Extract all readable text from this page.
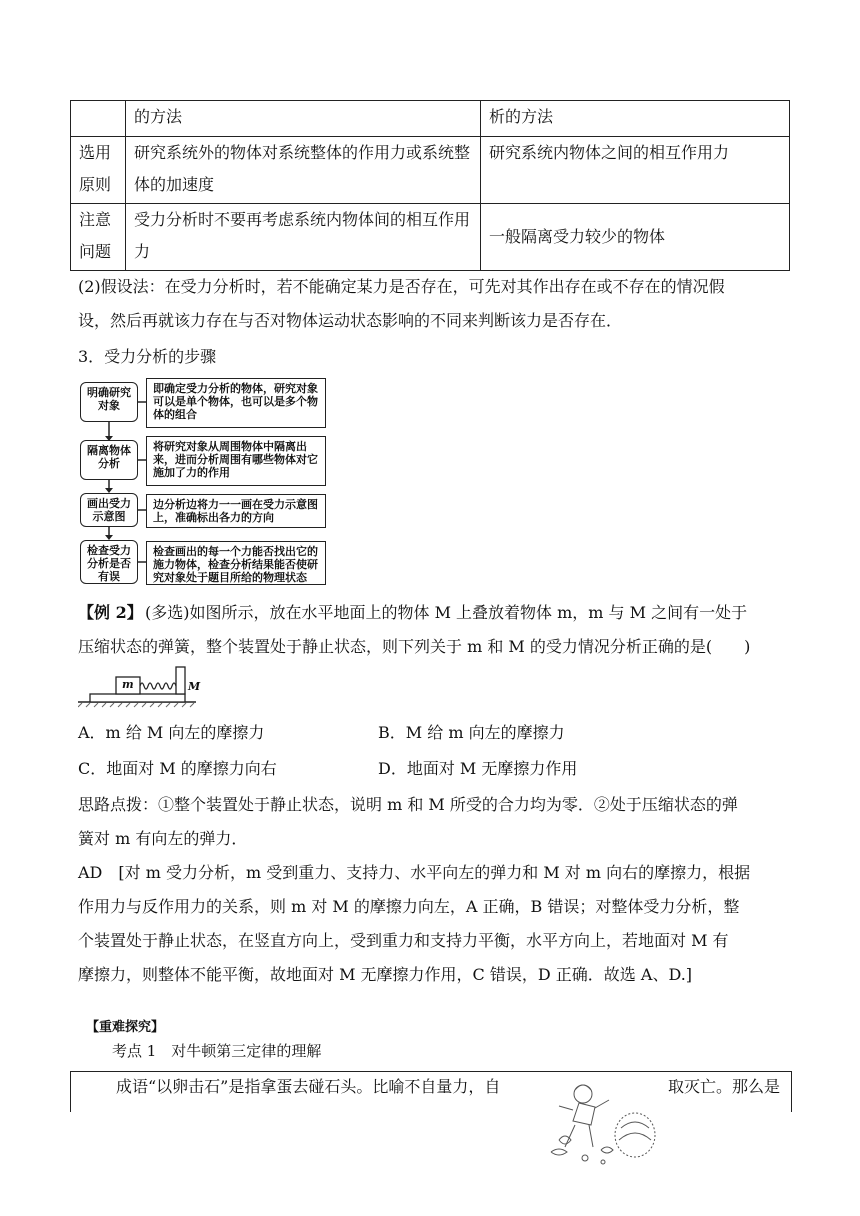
	的方法	析的方法
选用原则	研究系统外的物体对系统整体的作用力或系统整体的加速度	研究系统内物体之间的相互作用力
注意问题	受力分析时不要再考虑系统内物体间的相互作用力	一般隔离受力较少的物体
(2)假设法：在受力分析时，若不能确定某力是否存在，可先对其作出存在或不存在的情况假
设，然后再就该力存在与否对物体运动状态影响的不同来判断该力是否存在．
3．受力分析的步骤
明确研究对象
即确定受力分析的物体，研究对象可以是单个物体，也可以是多个物体的组合
隔离物体分析
将研究对象从周围物体中隔离出来，进而分析周围有哪些物体对它施加了力的作用
画出受力示意图
边分析边将力一一画在受力示意图上，准确标出各力的方向
检查受力分析是否有误
检查画出的每一个力能否找出它的施力物体，检查分析结果能否使研究对象处于题目所给的物理状态
【例 2】 (多选)如图所示，放在水平地面上的物体 M 上叠放着物体 m，m 与 M 之间有一处于
压缩状态的弹簧，整个装置处于静止状态，则下列关于 m 和 M 的受力情况分析正确的是(　　)
m	M
A．m 给 M 向左的摩擦力	B．M 给 m 向左的摩擦力
C．地面对 M 的摩擦力向右	D．地面对 M 无摩擦力作用
思路点拨：①整个装置处于静止状态，说明 m 和 M 所受的合力均为零．②处于压缩状态的弹
簧对 m 有向左的弹力．
AD　[对 m 受力分析，m 受到重力、支持力、水平向左的弹力和 M 对 m 向右的摩擦力，根据
作用力与反作用力的关系，则 m 对 M 的摩擦力向左，A 正确，B 错误；对整体受力分析，整
个装置处于静止状态，在竖直方向上，受到重力和支持力平衡，水平方向上，若地面对 M 有
摩擦力，则整体不能平衡，故地面对 M 无摩擦力作用，C 错误，D 正确．故选 A、D.]
【重难探究】
考点 1　对牛顿第三定律的理解
成语“以卵击石”是指拿蛋去碰石头。比喻不自量力，自	取灭亡。那么是
